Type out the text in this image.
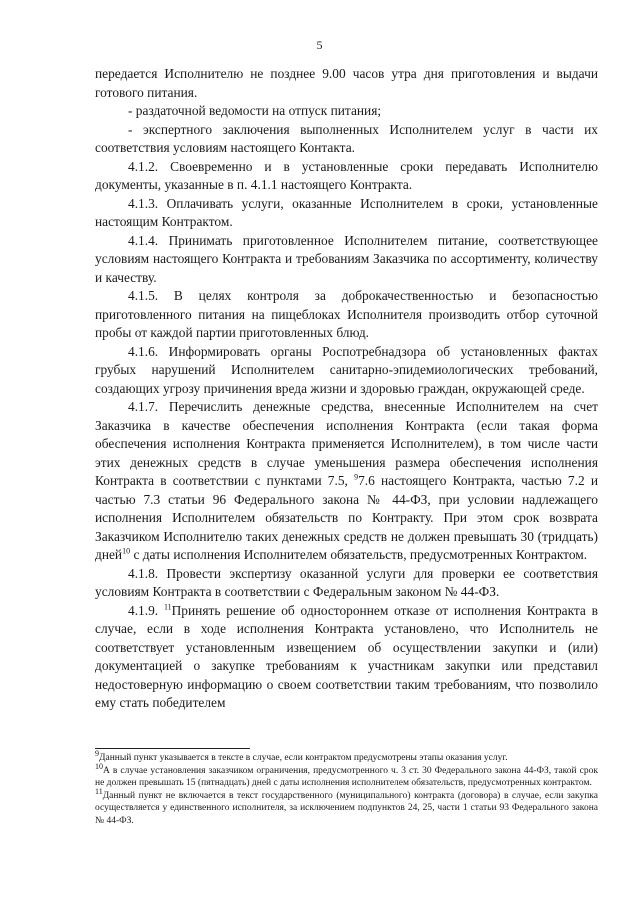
5

передается Исполнителю не позднее 9.00 часов утра дня приготовления и выдачи готового питания.

- раздаточной ведомости на отпуск питания;

- экспертного заключения выполненных Исполнителем услуг в части их соответствия условиям настоящего Контакта.

4.1.2. Своевременно и в установленные сроки передавать Исполнителю документы, указанные в п. 4.1.1 настоящего Контракта.

4.1.3. Оплачивать услуги, оказанные Исполнителем в сроки, установленные настоящим Контрактом.

4.1.4. Принимать приготовленное Исполнителем питание, соответствующее условиям настоящего Контракта и требованиям Заказчика по ассортименту, количеству и качеству.

4.1.5. В целях контроля за доброкачественностью и безопасностью приготовленного питания на пищеблоках Исполнителя производить отбор суточной пробы от каждой партии приготовленных блюд.

4.1.6. Информировать органы Роспотребнадзора об установленных фактах грубых нарушений Исполнителем санитарно-эпидемиологических требований, создающих угрозу причинения вреда жизни и здоровью граждан, окружающей среде.

4.1.7. Перечислить денежные средства, внесенные Исполнителем на счет Заказчика в качестве обеспечения исполнения Контракта (если такая форма обеспечения исполнения Контракта применяется Исполнителем), в том числе части этих денежных средств в случае уменьшения размера обеспечения исполнения Контракта в соответствии с пунктами 7.5, $^9$7.6 настоящего Контракта, частью 7.2 и частью 7.3 статьи 96 Федерального закона № 44-ФЗ, при условии надлежащего исполнения Исполнителем обязательств по Контракту. При этом срок возврата Заказчиком Исполнителю таких денежных средств не должен превышать 30 (тридцать) дней$^{10}$ с даты исполнения Исполнителем обязательств, предусмотренных Контрактом.

4.1.8. Провести экспертизу оказанной услуги для проверки ее соответствия условиям Контракта в соответствии с Федеральным законом № 44-ФЗ.

4.1.9. $^{11}$Принять решение об одностороннем отказе от исполнения Контракта в случае, если в ходе исполнения Контракта установлено, что Исполнитель не соответствует установленным извещением об осуществлении закупки и (или) документацией о закупке требованиям к участникам закупки или представил недостоверную информацию о своем соответствии таким требованиям, что позволило ему стать победителем

$^9$Данный пункт указывается в тексте в случае, если контрактом предусмотрены этапы оказания услуг.

$^{10}$А в случае установления заказчиком ограничения, предусмотренного ч. 3 ст. 30 Федерального закона 44-ФЗ, такой срок не должен превышать 15 (пятнадцать) дней с даты исполнения исполнителем обязательств, предусмотренных контрактом.

$^{11}$Данный пункт не включается в текст государственного (муниципального) контракта (договора) в случае, если закупка осуществляется у единственного исполнителя, за исключением подпунктов 24, 25, части 1 статьи 93 Федерального закона № 44-ФЗ.
